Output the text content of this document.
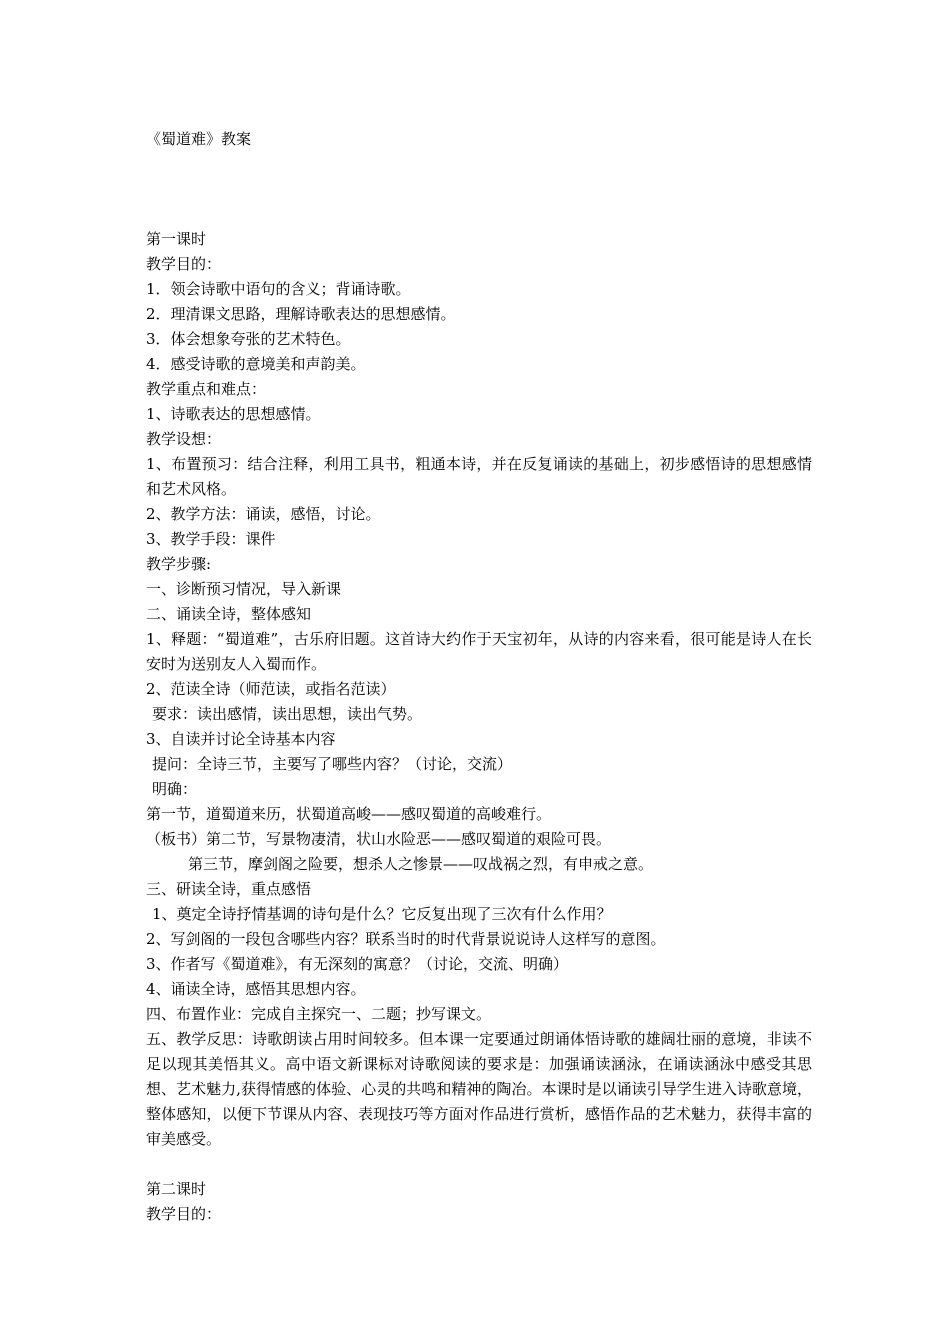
《蜀道难》教案
第一课时
教学目的：
1．领会诗歌中语句的含义；背诵诗歌。
2．理清课文思路，理解诗歌表达的思想感情。
3．体会想象夸张的艺术特色。
4．感受诗歌的意境美和声韵美。
教学重点和难点：
1、诗歌表达的思想感情。
教学设想：
1、布置预习：结合注释，利用工具书，粗通本诗，并在反复诵读的基础上，初步感悟诗的思想感情和艺术风格。
2、教学方法：诵读，感悟，讨论。
3、教学手段：课件
教学步骤:
一、诊断预习情况，导入新课
二、诵读全诗，整体感知
1、释题：“蜀道难”，古乐府旧题。这首诗大约作于天宝初年，从诗的内容来看，很可能是诗人在长安时为送别友人入蜀而作。
2、范读全诗（师范读，或指名范读）
要求：读出感情，读出思想，读出气势。
3、自读并讨论全诗基本内容
提问：全诗三节，主要写了哪些内容？（讨论，交流）
明确：
第一节，道蜀道来历，状蜀道高峻——感叹蜀道的高峻难行。
（板书）第二节，写景物凄清，状山水险恶——感叹蜀道的艰险可畏。
第三节，摩剑阁之险要，想杀人之惨景——叹战祸之烈，有申戒之意。
三、研读全诗，重点感悟
1、奠定全诗抒情基调的诗句是什么？它反复出现了三次有什么作用？
2、写剑阁的一段包含哪些内容？联系当时的时代背景说说诗人这样写的意图。
3、作者写《蜀道难》，有无深刻的寓意？（讨论，交流、明确）
4、诵读全诗，感悟其思想内容。
四、布置作业：完成自主探究一、二题；抄写课文。
五、教学反思：诗歌朗读占用时间较多。但本课一定要通过朗诵体悟诗歌的雄阔壮丽的意境，非读不足以现其美悟其义。高中语文新课标对诗歌阅读的要求是：加强诵读涵泳，在诵读涵泳中感受其思想、艺术魅力,获得情感的体验、心灵的共鸣和精神的陶冶。本课时是以诵读引导学生进入诗歌意境，整体感知，以便下节课从内容、表现技巧等方面对作品进行赏析，感悟作品的艺术魅力，获得丰富的审美感受。
第二课时
教学目的：
